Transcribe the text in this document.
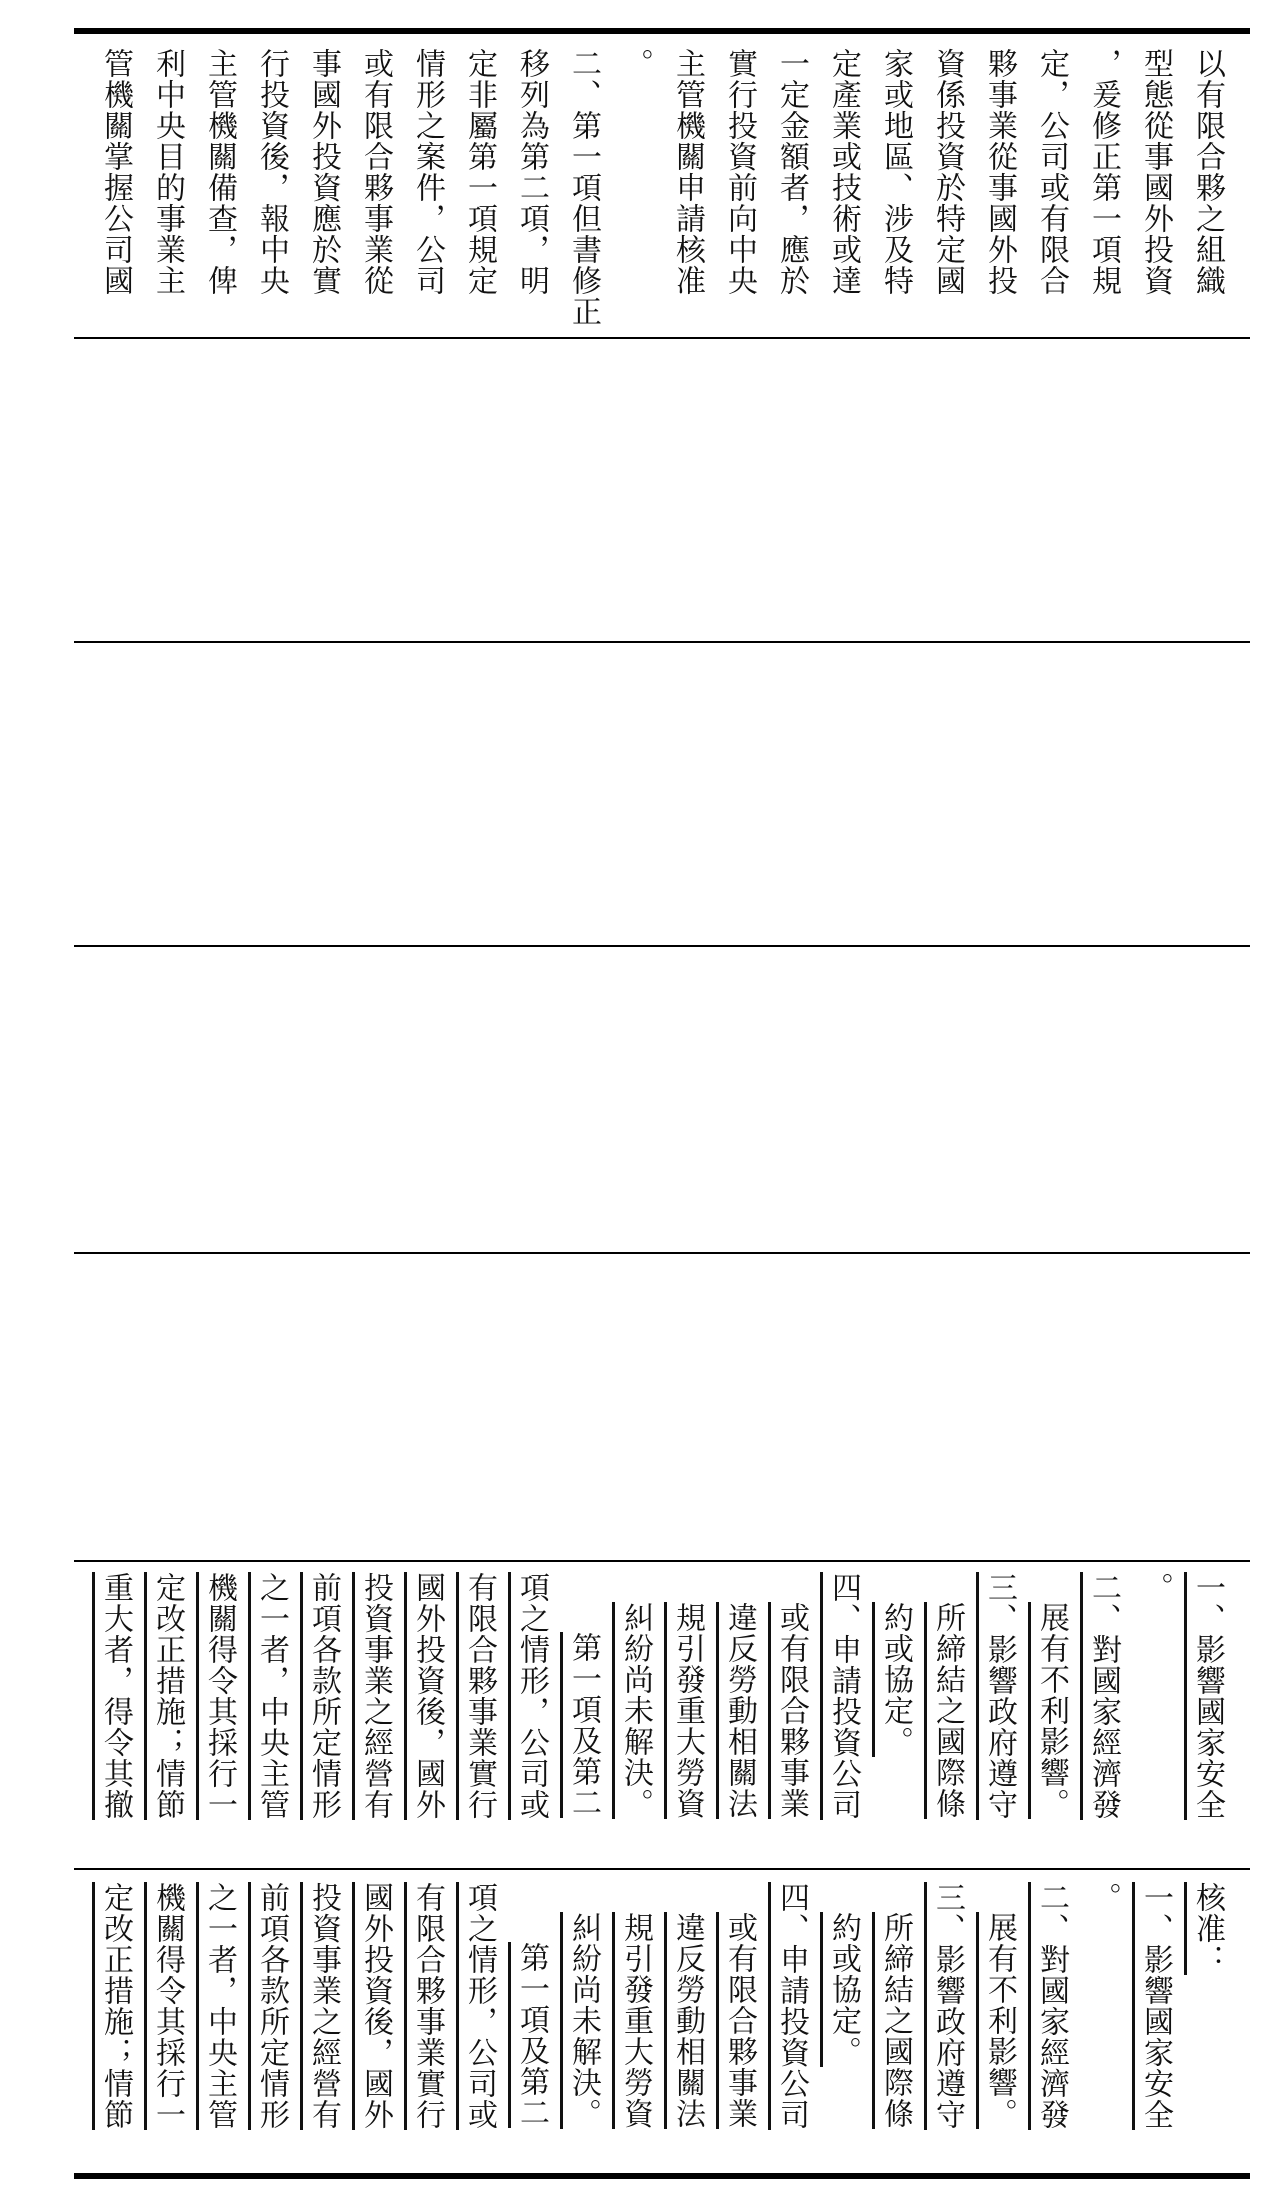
以有限合夥之組織
型態從事國外投資
，爰修正第一項規
定，公司或有限合
夥事業從事國外投
資係投資於特定國
家或地區、涉及特
定產業或技術或達
一定金額者，應於
實行投資前向中央
主管機關申請核准
。
二、第一項但書修正
移列為第二項，明
定非屬第一項規定
情形之案件，公司
或有限合夥事業從
事國外投資應於實
行投資後，報中央
主管機關備查，俾
利中央目的事業主
管機關掌握公司國
一、影響國家安全
。
二、對國家經濟發
展有不利影響。
三、影響政府遵守
所締結之國際條
約或協定。
四、申請投資公司
或有限合夥事業
違反勞動相關法
規引發重大勞資
糾紛尚未解決。
第一項及第二
項之情形，公司或
有限合夥事業實行
國外投資後，國外
投資事業之經營有
前項各款所定情形
之一者，中央主管
機關得令其採行一
定改正措施；情節
重大者，得令其撤
核准：
一、影響國家安全
。
二、對國家經濟發
展有不利影響。
三、影響政府遵守
所締結之國際條
約或協定。
四、申請投資公司
或有限合夥事業
違反勞動相關法
規引發重大勞資
糾紛尚未解決。
第一項及第二
項之情形，公司或
有限合夥事業實行
國外投資後，國外
投資事業之經營有
前項各款所定情形
之一者，中央主管
機關得令其採行一
定改正措施；情節
